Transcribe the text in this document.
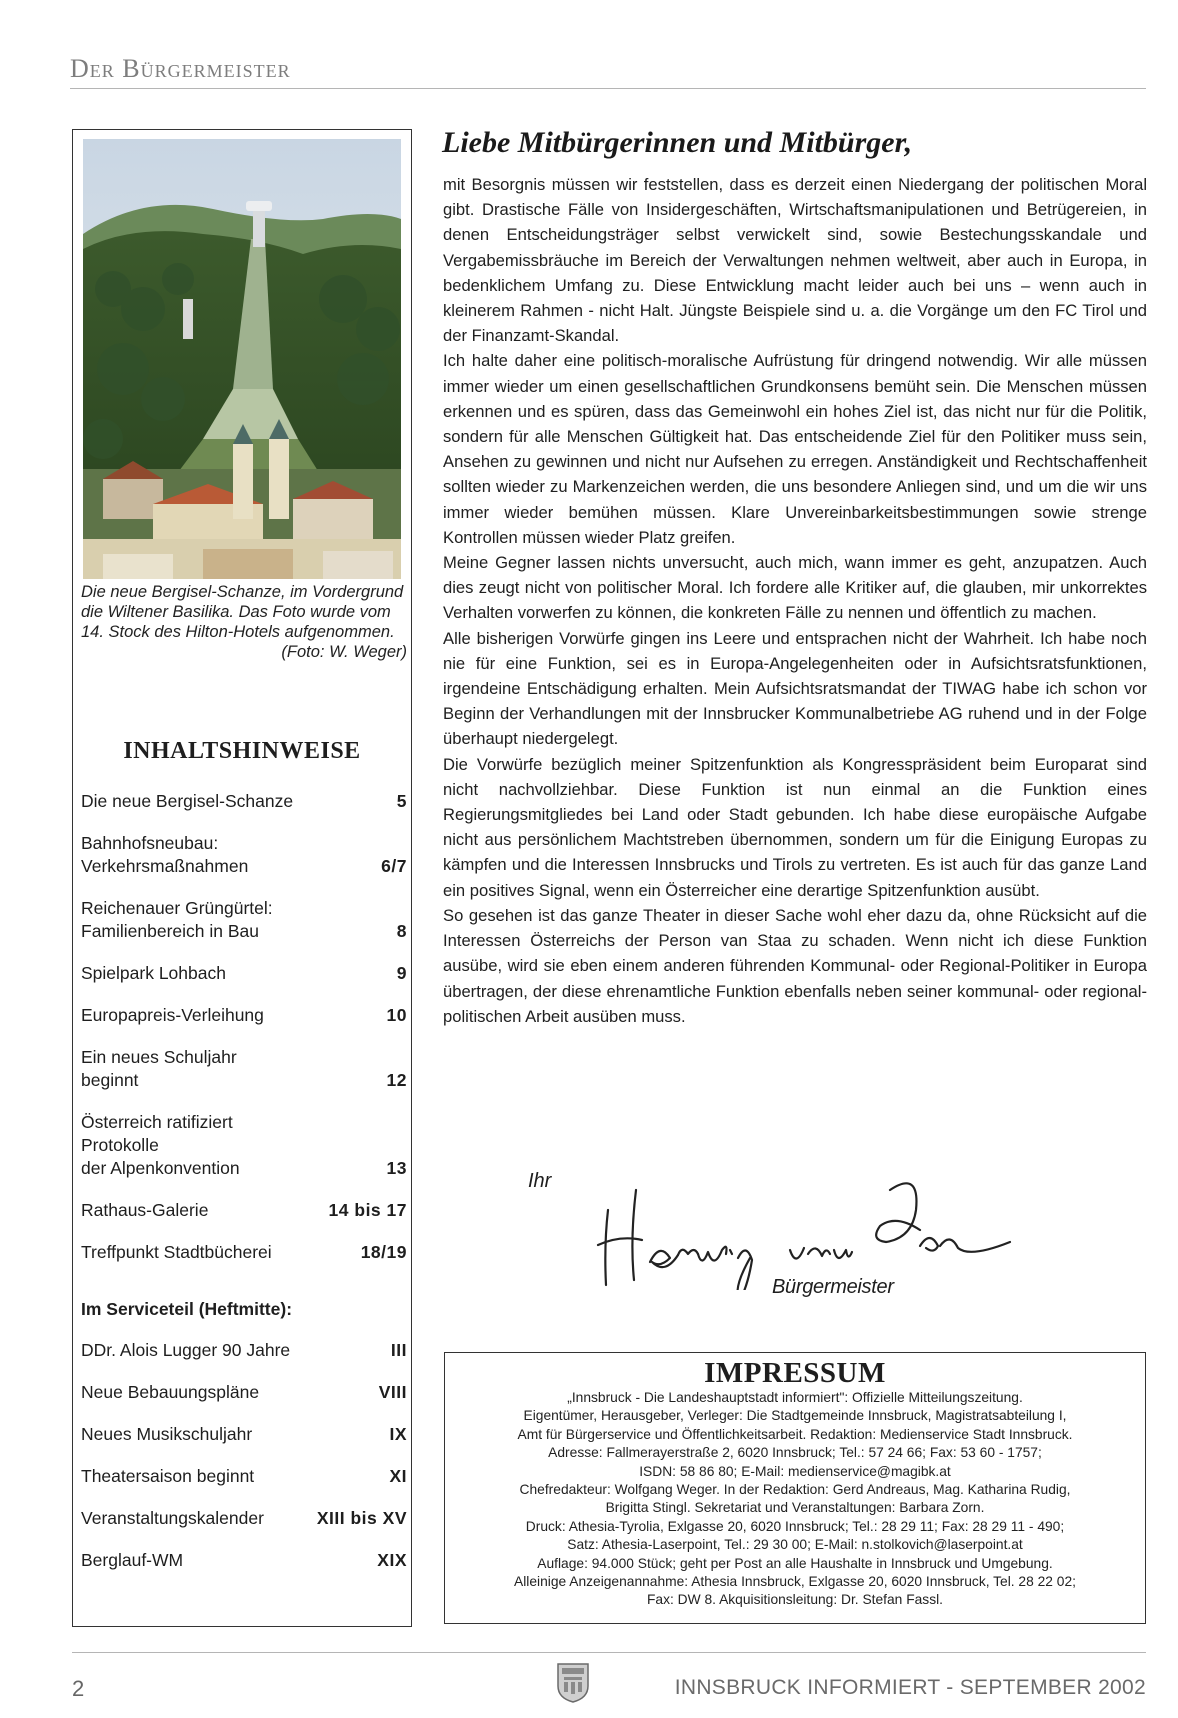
Der Bürgermeister
Die neue Bergisel-Schanze, im Vordergrund die Wiltener Basilika. Das Foto wurde vom 14. Stock des Hilton-Hotels aufgenommen.
(Foto: W. Weger)
INHALTSHINWEISE
Die neue Bergisel-Schanze	5
Bahnhofsneubau:
Verkehrsmaßnahmen	6/7
Reichenauer Grüngürtel:
Familienbereich in Bau	8
Spielpark Lohbach	9
Europapreis-Verleihung	10
Ein neues Schuljahr beginnt	12
Österreich ratifiziert Protokolle
der Alpenkonvention	13
Rathaus-Galerie	14 bis 17
Treffpunkt Stadtbücherei	18/19
Im Serviceteil (Heftmitte):
DDr. Alois Lugger 90 Jahre	III
Neue Bebauungspläne	VIII
Neues Musikschuljahr	IX
Theatersaison beginnt	XI
Veranstaltungskalender	XIII bis XV
Berglauf-WM	XIX
Liebe Mitbürgerinnen und Mitbürger,

mit Besorgnis müssen wir feststellen, dass es derzeit einen Niedergang der politischen Moral gibt. Drastische Fälle von Insidergeschäften, Wirtschaftsmanipulationen und Betrügereien, in denen Entscheidungsträger selbst verwickelt sind, sowie Bestechungsskandale und Vergabemissbräuche im Bereich der Verwaltungen nehmen weltweit, aber auch in Europa, in bedenklichem Umfang zu. Diese Entwicklung macht leider auch bei uns – wenn auch in kleinerem Rahmen - nicht Halt. Jüngste Beispiele sind u. a. die Vorgänge um den FC Tirol und der Finanzamt-Skandal.

Ich halte daher eine politisch-moralische Aufrüstung für dringend notwendig. Wir alle müssen immer wieder um einen gesellschaftlichen Grundkonsens bemüht sein. Die Menschen müssen erkennen und es spüren, dass das Gemeinwohl ein hohes Ziel ist, das nicht nur für die Politik, sondern für alle Menschen Gültigkeit hat. Das entscheidende Ziel für den Politiker muss sein, Ansehen zu gewinnen und nicht nur Aufsehen zu erregen. Anständigkeit und Rechtschaffenheit sollten wieder zu Markenzeichen werden, die uns besondere Anliegen sind, und um die wir uns immer wieder bemühen müssen. Klare Unvereinbarkeitsbestimmungen sowie strenge Kontrollen müssen wieder Platz greifen.

Meine Gegner lassen nichts unversucht, auch mich, wann immer es geht, anzupatzen. Auch dies zeugt nicht von politischer Moral. Ich fordere alle Kritiker auf, die glauben, mir unkorrektes Verhalten vorwerfen zu können, die konkreten Fälle zu nennen und öffentlich zu machen.

Alle bisherigen Vorwürfe gingen ins Leere und entsprachen nicht der Wahrheit. Ich habe noch nie für eine Funktion, sei es in Europa-Angelegenheiten oder in Aufsichtsratsfunktionen, irgendeine Entschädigung erhalten. Mein Aufsichtsratsmandat der TIWAG habe ich schon vor Beginn der Verhandlungen mit der Innsbrucker Kommunalbetriebe AG ruhend und in der Folge überhaupt niedergelegt.

Die Vorwürfe bezüglich meiner Spitzenfunktion als Kongresspräsident beim Europarat sind nicht nachvollziehbar. Diese Funktion ist nun einmal an die Funktion eines Regierungsmitgliedes bei Land oder Stadt gebunden. Ich habe diese europäische Aufgabe nicht aus persönlichem Machtstreben übernommen, sondern um für die Einigung Europas zu kämpfen und die Interessen Innsbrucks und Tirols zu vertreten. Es ist auch für das ganze Land ein positives Signal, wenn ein Österreicher eine derartige Spitzenfunktion ausübt.

So gesehen ist das ganze Theater in dieser Sache wohl eher dazu da, ohne Rücksicht auf die Interessen Österreichs der Person van Staa zu schaden. Wenn nicht ich diese Funktion ausübe, wird sie eben einem anderen führenden Kommunal- oder Regional-Politiker in Europa übertragen, der diese ehrenamtliche Funktion ebenfalls neben seiner kommunal- oder regional-politischen Arbeit ausüben muss.

Ihr
Bürgermeister
IMPRESSUM
„Innsbruck - Die Landeshauptstadt informiert": Offizielle Mitteilungszeitung.
Eigentümer, Herausgeber, Verleger: Die Stadtgemeinde Innsbruck, Magistratsabteilung I,
Amt für Bürgerservice und Öffentlichkeitsarbeit. Redaktion: Medienservice Stadt Innsbruck.
Adresse: Fallmerayerstraße 2, 6020 Innsbruck; Tel.: 57 24 66; Fax: 53 60 - 1757;
ISDN: 58 86 80; E-Mail: medienservice@magibk.at
Chefredakteur: Wolfgang Weger. In der Redaktion: Gerd Andreaus, Mag. Katharina Rudig,
Brigitta Stingl. Sekretariat und Veranstaltungen: Barbara Zorn.
Druck: Athesia-Tyrolia, Exlgasse 20, 6020 Innsbruck; Tel.: 28 29 11; Fax: 28 29 11 - 490;
Satz: Athesia-Laserpoint, Tel.: 29 30 00; E-Mail: n.stolkovich@laserpoint.at
Auflage: 94.000 Stück; geht per Post an alle Haushalte in Innsbruck und Umgebung.
Alleinige Anzeigenannahme: Athesia Innsbruck, Exlgasse 20, 6020 Innsbruck, Tel. 28 22 02;
Fax: DW 8. Akquisitionsleitung: Dr. Stefan Fassl.
2	INNSBRUCK INFORMIERT - SEPTEMBER 2002
